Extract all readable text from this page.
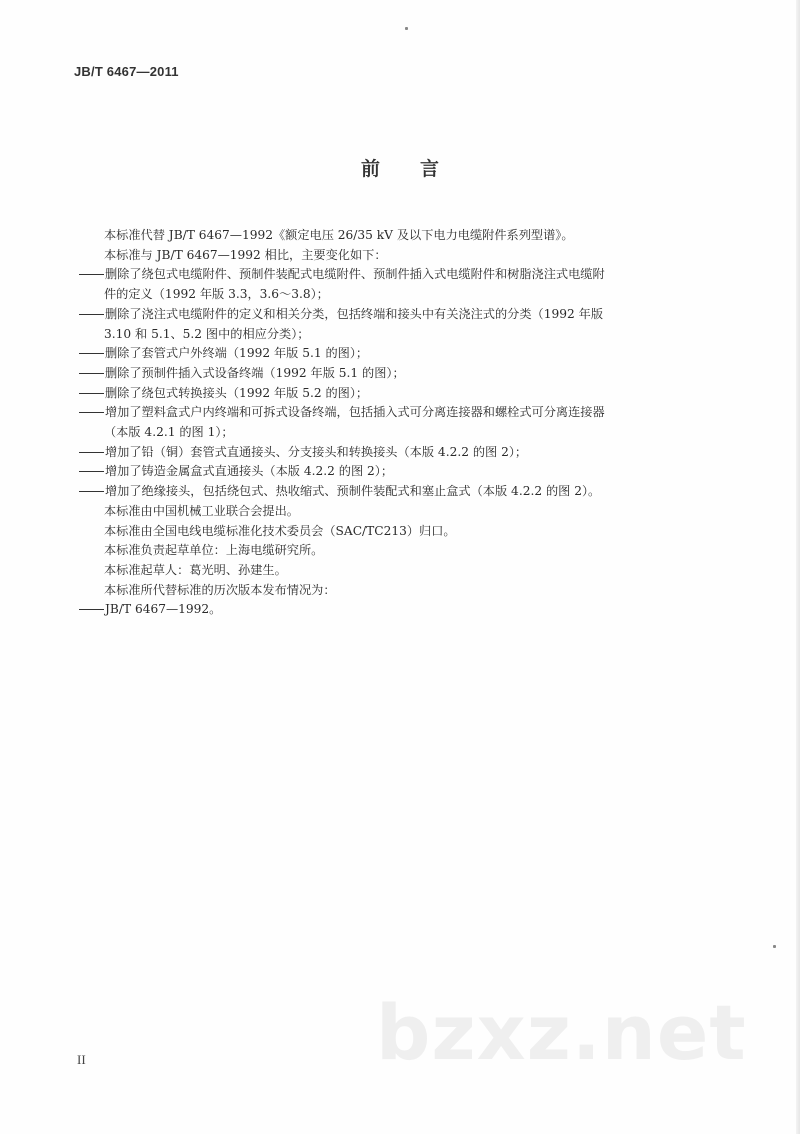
JB/T 6467—2011
前 言
本标准代替 JB/T 6467—1992《额定电压 26/35 kV 及以下电力电缆附件系列型谱》。
本标准与 JB/T 6467—1992 相比，主要变化如下：
删除了绕包式电缆附件、预制件装配式电缆附件、预制件插入式电缆附件和树脂浇注式电缆附
件的定义（1992 年版 3.3，3.6～3.8）；
删除了浇注式电缆附件的定义和相关分类，包括终端和接头中有关浇注式的分类（1992 年版
3.10 和 5.1、5.2 图中的相应分类）；
删除了套管式户外终端（1992 年版 5.1 的图）；
删除了预制件插入式设备终端（1992 年版 5.1 的图）；
删除了绕包式转换接头（1992 年版 5.2 的图）；
增加了塑料盒式户内终端和可拆式设备终端，包括插入式可分离连接器和螺栓式可分离连接器
（本版 4.2.1 的图 1）；
增加了铅（铜）套管式直通接头、分支接头和转换接头（本版 4.2.2 的图 2）；
增加了铸造金属盒式直通接头（本版 4.2.2 的图 2）；
增加了绝缘接头，包括绕包式、热收缩式、预制件装配式和塞止盒式（本版 4.2.2 的图 2）。
本标准由中国机械工业联合会提出。
本标准由全国电线电缆标准化技术委员会（SAC/TC213）归口。
本标准负责起草单位：上海电缆研究所。
本标准起草人：葛光明、孙建生。
本标准所代替标准的历次版本发布情况为：
JB/T 6467—1992。
bzxz.net
II
